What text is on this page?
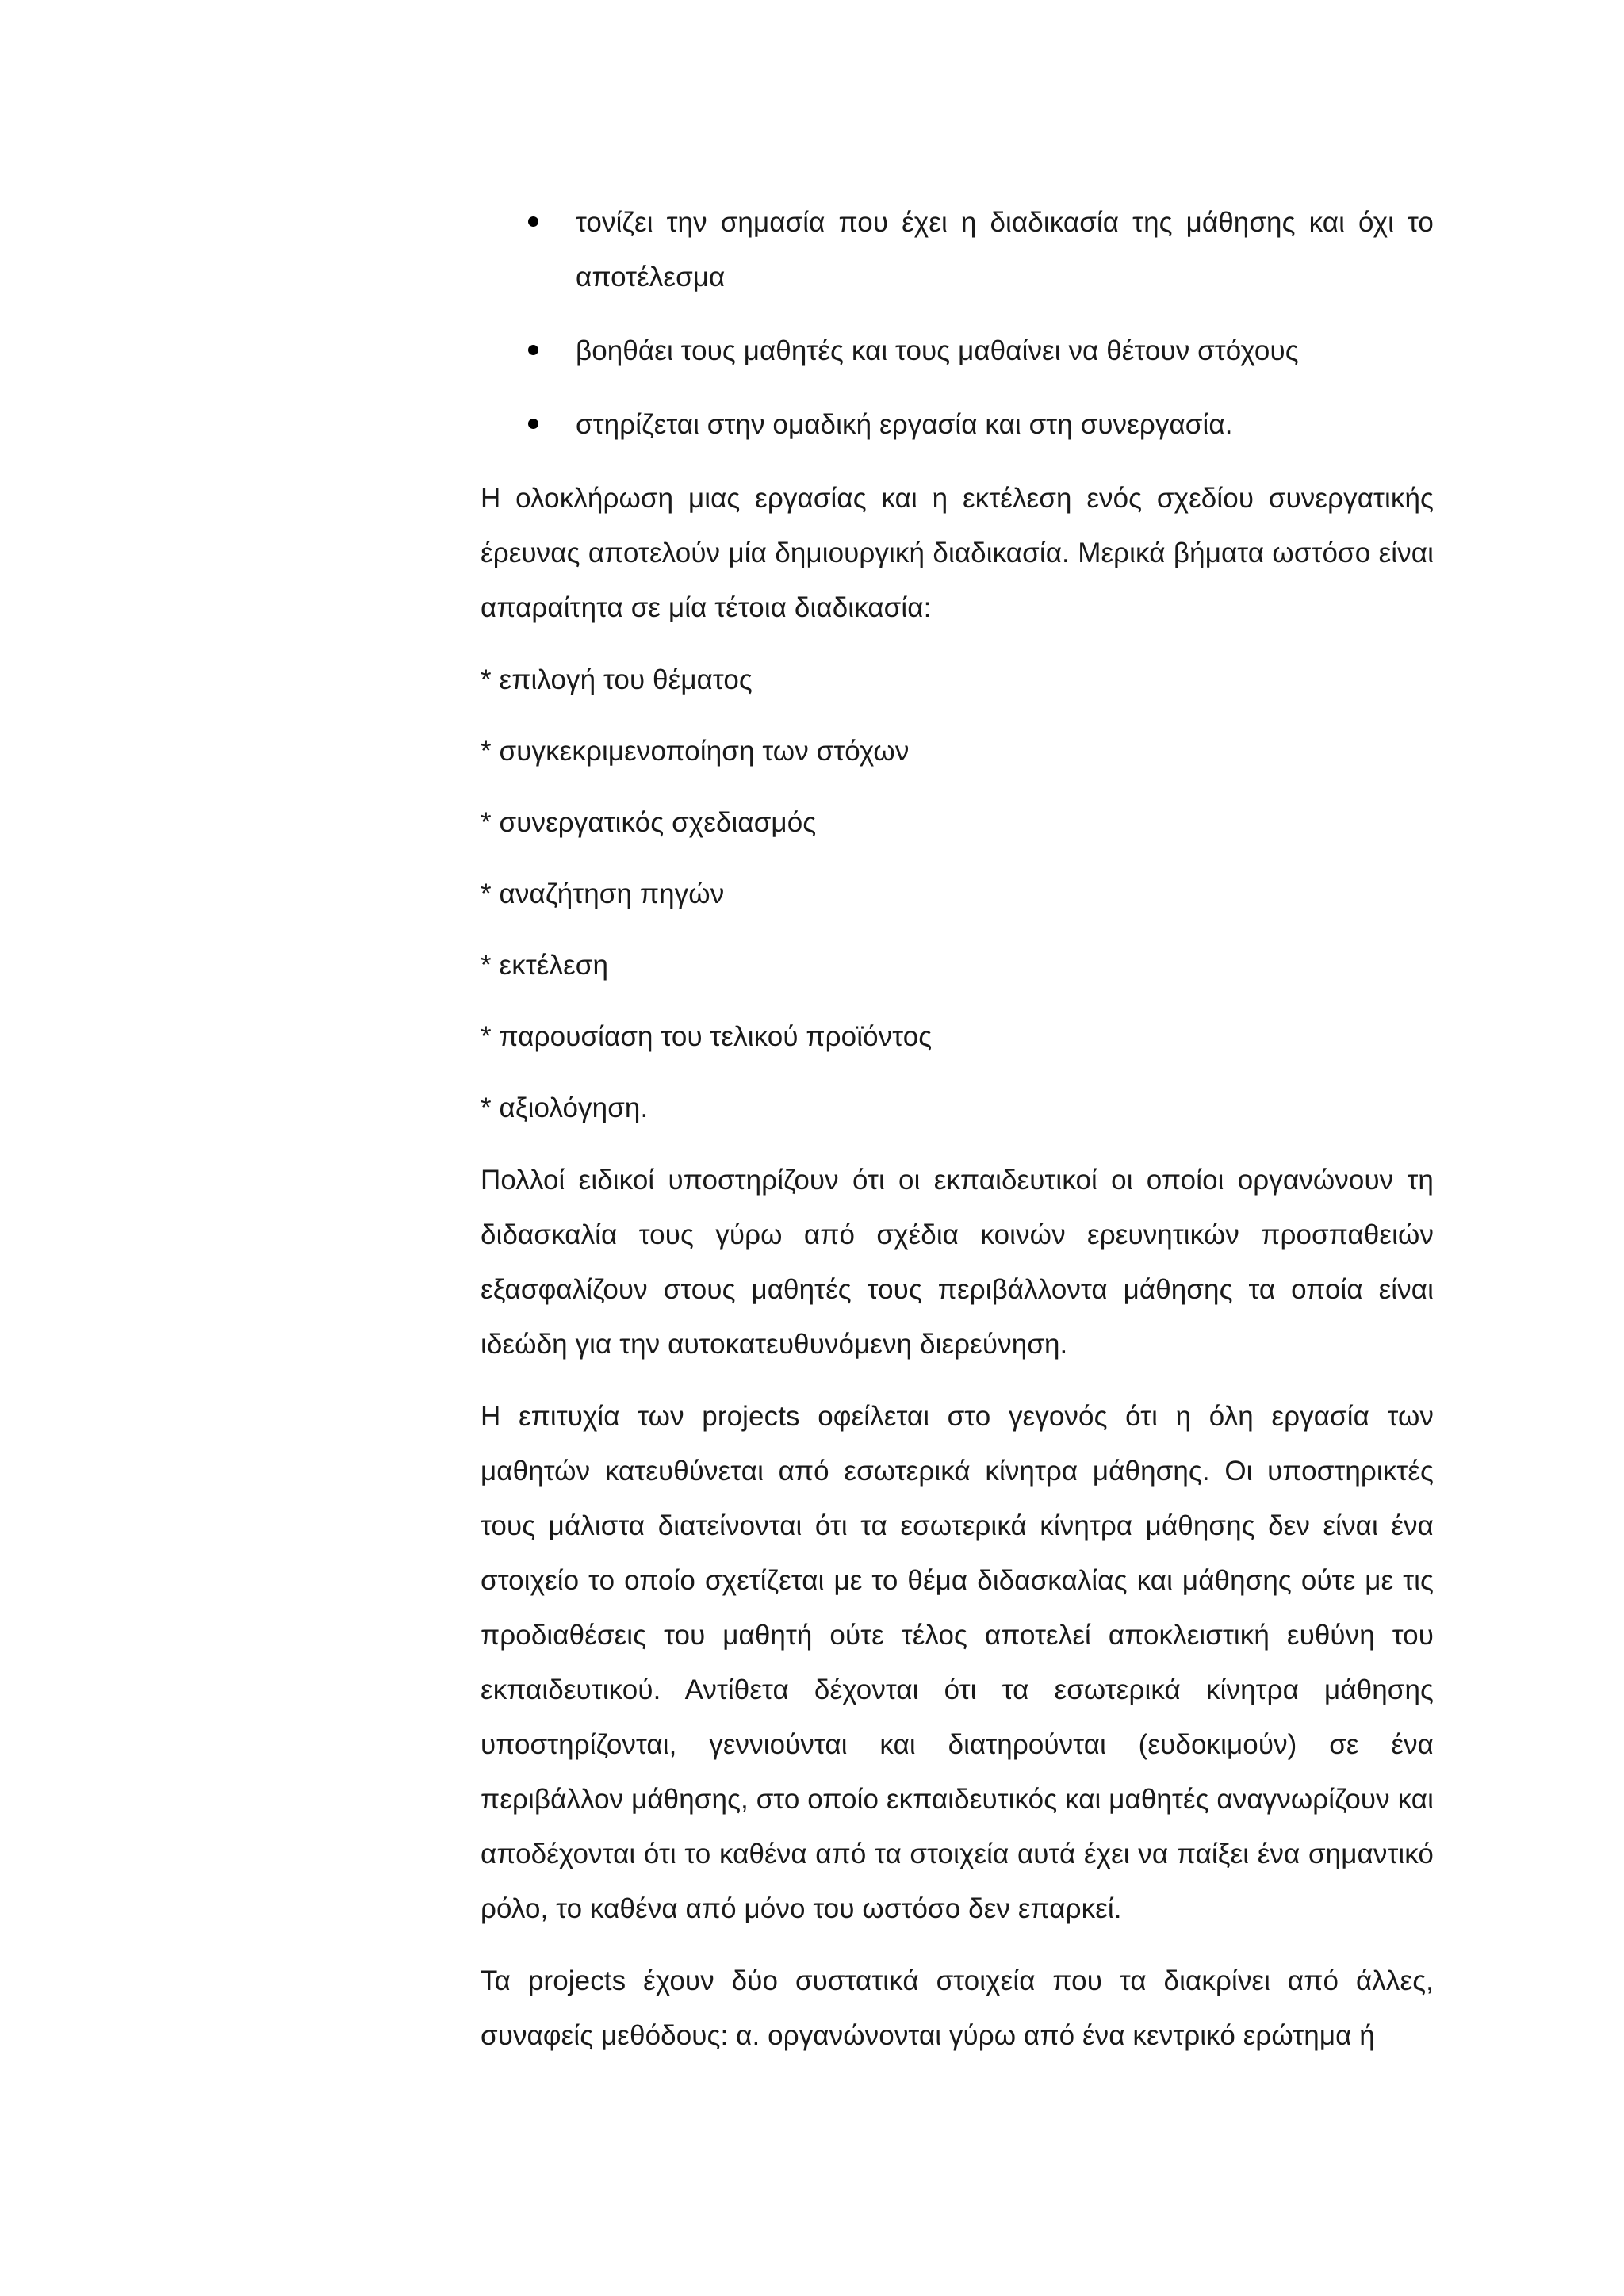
τονίζει την σημασία που έχει η διαδικασία της μάθησης και όχι το αποτέλεσμα
βοηθάει τους μαθητές και τους μαθαίνει να θέτουν στόχους
στηρίζεται στην ομαδική εργασία και στη συνεργασία.

Η ολοκλήρωση μιας εργασίας και η εκτέλεση ενός σχεδίου συνεργατικής έρευνας αποτελούν μία δημιουργική διαδικασία. Μερικά βήματα ωστόσο είναι απαραίτητα σε μία τέτοια διαδικασία:

* επιλογή του θέματος
* συγκεκριμενοποίηση των στόχων
* συνεργατικός σχεδιασμός
* αναζήτηση πηγών
* εκτέλεση
* παρουσίαση του τελικού προϊόντος
* αξιολόγηση.

Πολλοί ειδικοί υποστηρίζουν ότι οι εκπαιδευτικοί οι οποίοι οργανώνουν τη διδασκαλία τους γύρω από σχέδια κοινών ερευνητικών προσπαθειών εξασφαλίζουν στους μαθητές τους περιβάλλοντα μάθησης τα οποία είναι ιδεώδη για την αυτοκατευθυνόμενη διερεύνηση.

Η επιτυχία των projects οφείλεται στο γεγονός ότι η όλη εργασία των μαθητών κατευθύνεται από εσωτερικά κίνητρα μάθησης. Οι υποστηρικτές τους μάλιστα διατείνονται ότι τα εσωτερικά κίνητρα μάθησης δεν είναι ένα στοιχείο το οποίο σχετίζεται με το θέμα διδασκαλίας και μάθησης ούτε με τις προδιαθέσεις του μαθητή ούτε τέλος αποτελεί αποκλειστική ευθύνη του εκπαιδευτικού. Αντίθετα δέχονται ότι τα εσωτερικά κίνητρα μάθησης υποστηρίζονται, γεννιούνται και διατηρούνται (ευδοκιμούν) σε ένα περιβάλλον μάθησης, στο οποίο εκπαιδευτικός και μαθητές αναγνωρίζουν και αποδέχονται ότι το καθένα από τα στοιχεία αυτά έχει να παίξει ένα σημαντικό ρόλο, το καθένα από μόνο του ωστόσο δεν επαρκεί.

Τα projects έχουν δύο συστατικά στοιχεία που τα διακρίνει από άλλες, συναφείς μεθόδους: α. οργανώνονται γύρω από ένα κεντρικό ερώτημα ή
